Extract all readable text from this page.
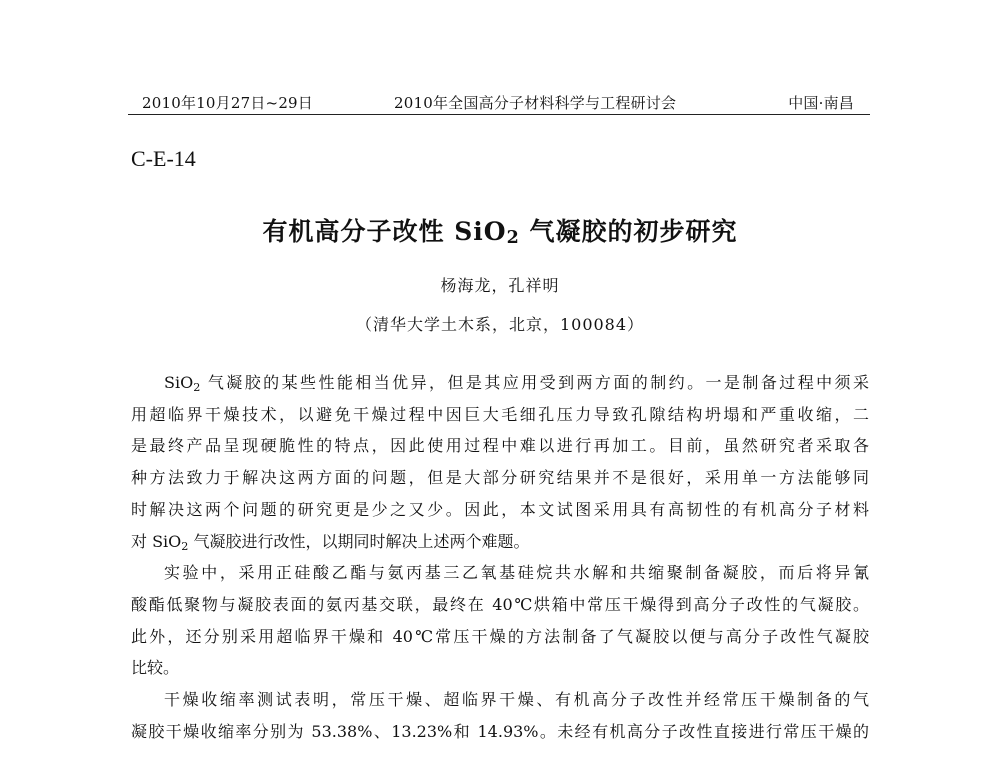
2010年10月27日~29日	2010年全国高分子材料科学与工程研讨会	中国·南昌
C-E-14
有机高分子改性 SiO$_2$ 气凝胶的初步研究
杨海龙，孔祥明
（清华大学土木系，北京，100084）
SiO$_2$ 气凝胶的某些性能相当优异，但是其应用受到两方面的制约。一是制备过程中须采
用超临界干燥技术，以避免干燥过程中因巨大毛细孔压力导致孔隙结构坍塌和严重收缩，二
是最终产品呈现硬脆性的特点，因此使用过程中难以进行再加工。目前，虽然研究者采取各
种方法致力于解决这两方面的问题，但是大部分研究结果并不是很好，采用单一方法能够同
时解决这两个问题的研究更是少之又少。因此，本文试图采用具有高韧性的有机高分子材料
对 SiO$_2$ 气凝胶进行改性，以期同时解决上述两个难题。
实验中，采用正硅酸乙酯与氨丙基三乙氧基硅烷共水解和共缩聚制备凝胶，而后将异氰
酸酯低聚物与凝胶表面的氨丙基交联，最终在 40℃烘箱中常压干燥得到高分子改性的气凝胶。
此外，还分别采用超临界干燥和 40℃常压干燥的方法制备了气凝胶以便与高分子改性气凝胶
比较。
干燥收缩率测试表明，常压干燥、超临界干燥、有机高分子改性并经常压干燥制备的气
凝胶干燥收缩率分别为 53.38%、13.23%和 14.93%。未经有机高分子改性直接进行常压干燥的
